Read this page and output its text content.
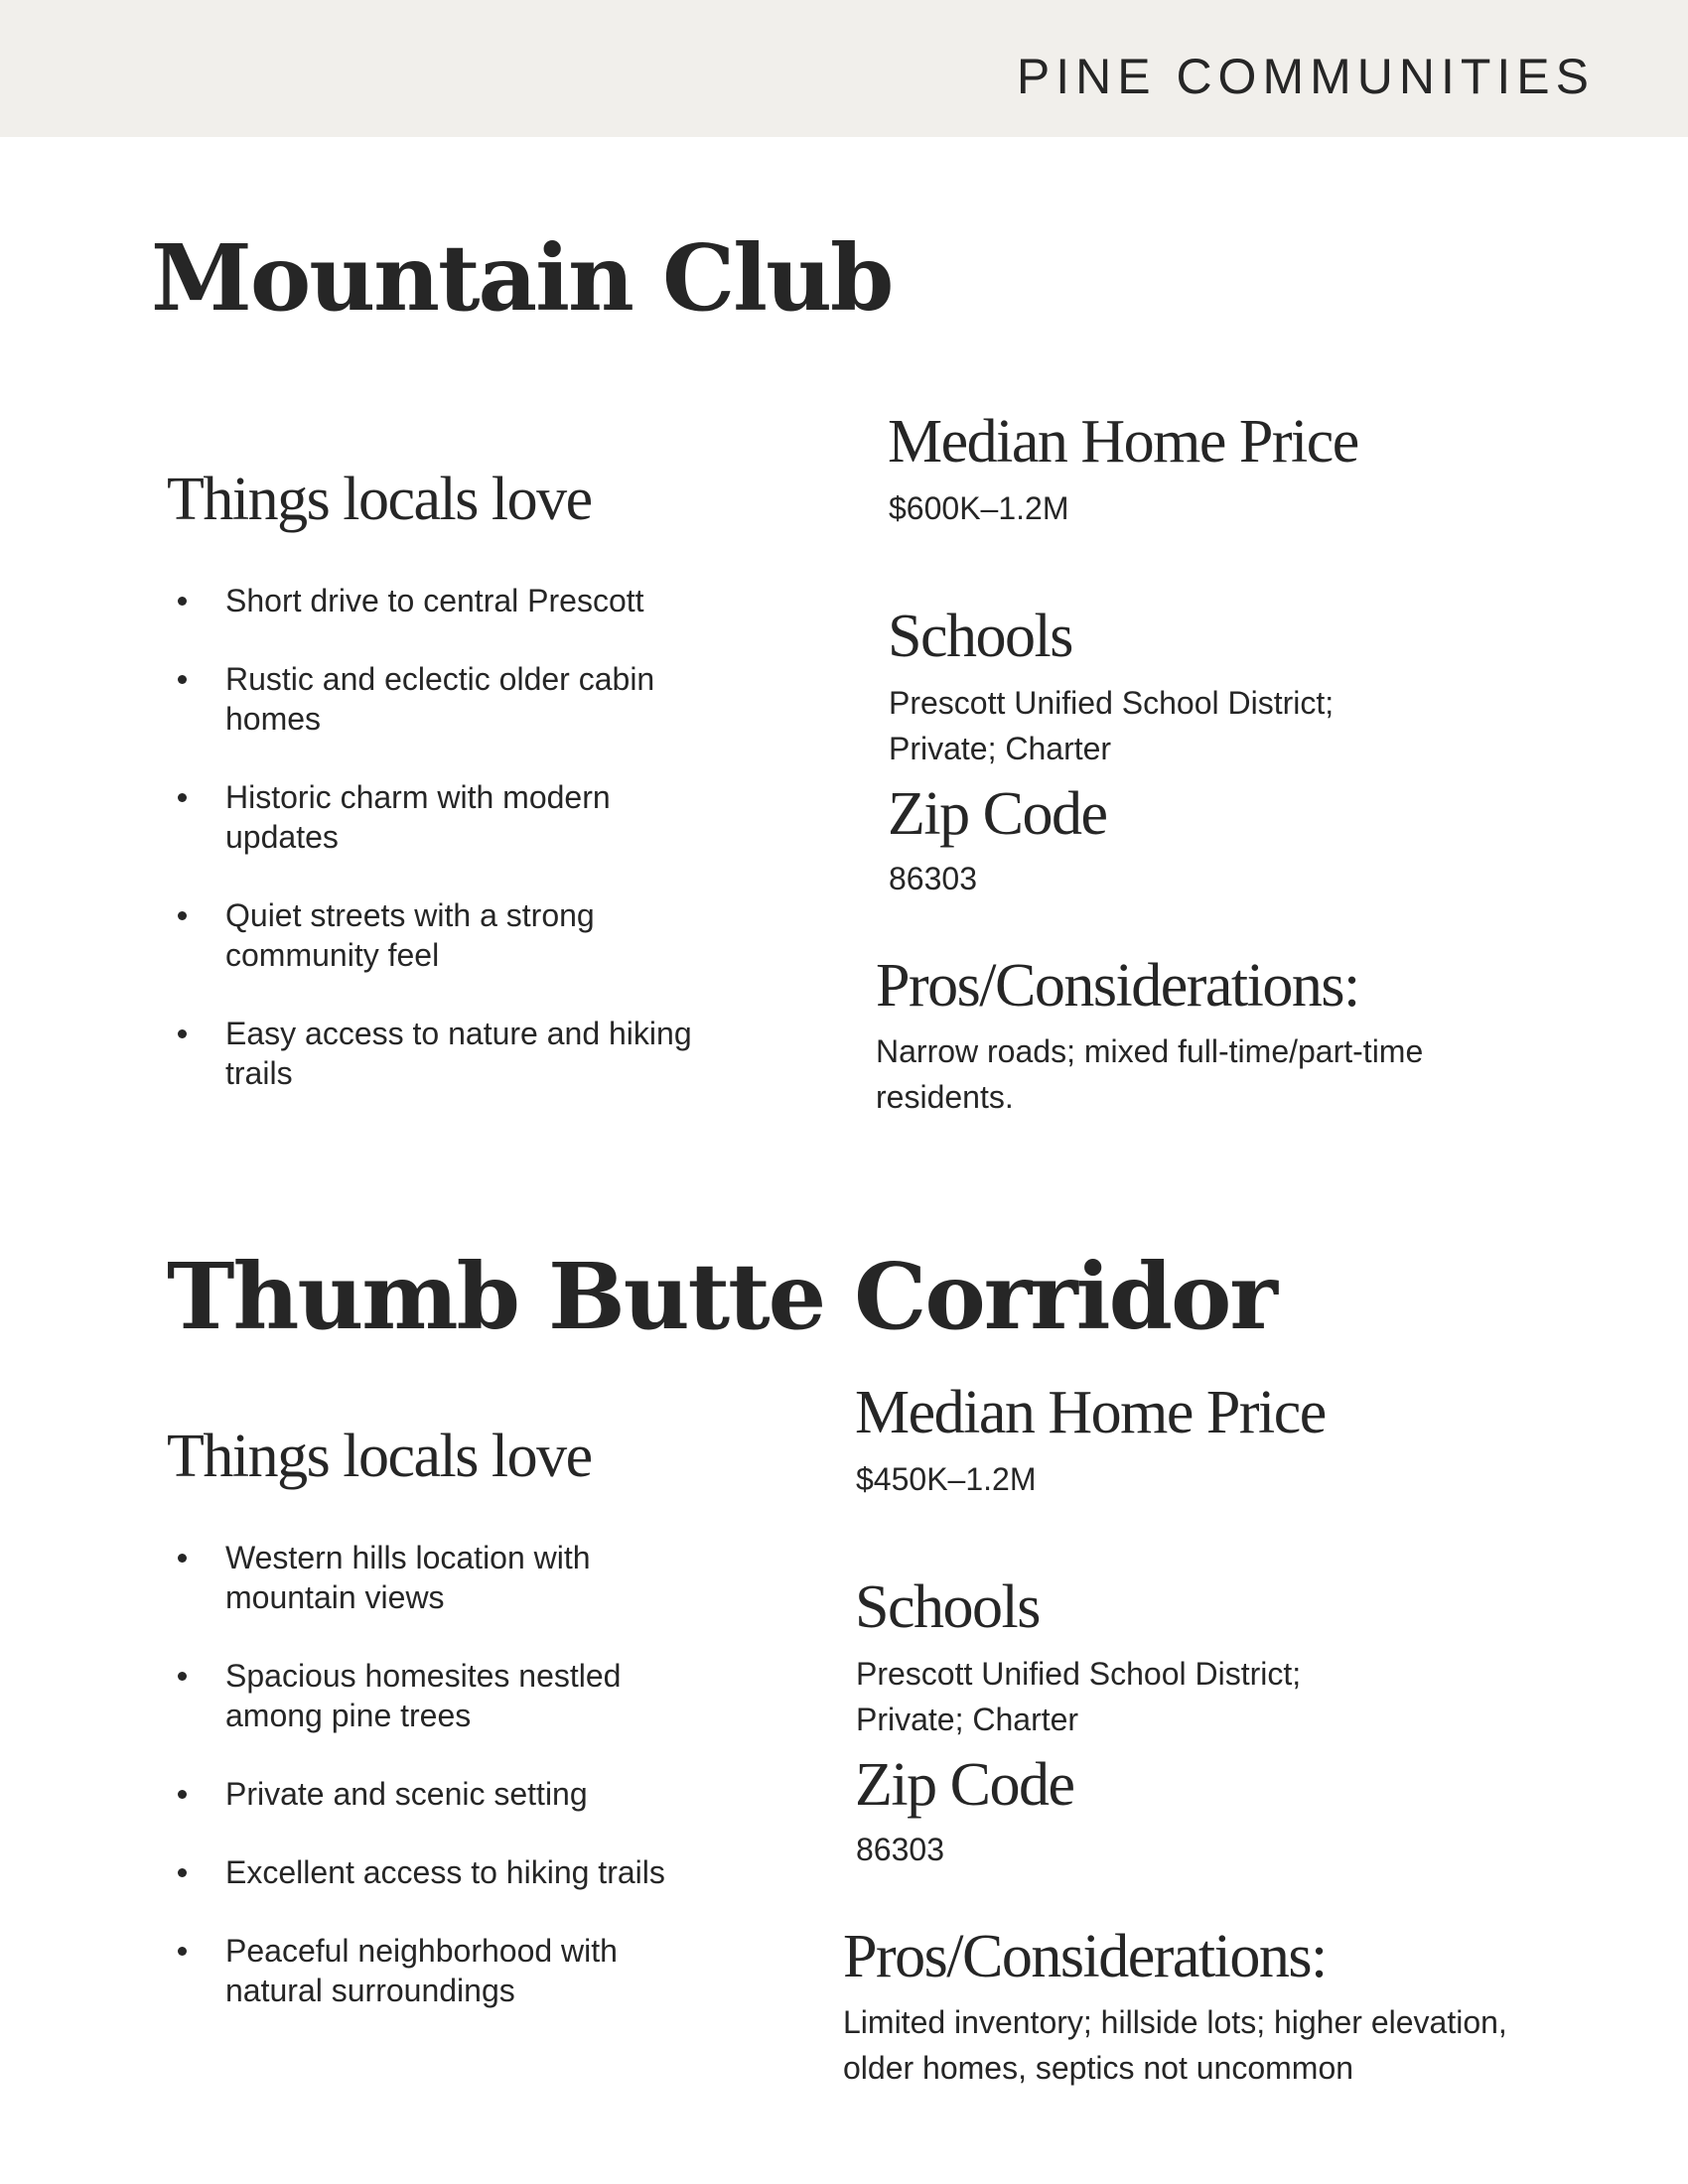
PINE COMMUNITIES
Mountain Club
Things locals love
Short drive to central Prescott
Rustic and eclectic older cabin homes
Historic charm with modern updates
Quiet streets with a strong community feel
Easy access to nature and hiking trails
Median Home Price
$600K–1.2M
Schools
Prescott Unified School District; Private; Charter
Zip Code
86303
Pros/Considerations:
Narrow roads; mixed full-time/part-time residents.
Thumb Butte Corridor
Things locals love
Western hills location with mountain views
Spacious homesites nestled among pine trees
Private and scenic setting
Excellent access to hiking trails
Peaceful neighborhood with natural surroundings
Median Home Price
$450K–1.2M
Schools
Prescott Unified School District; Private; Charter
Zip Code
86303
Pros/Considerations:
Limited inventory; hillside lots; higher elevation, older homes, septics not uncommon
